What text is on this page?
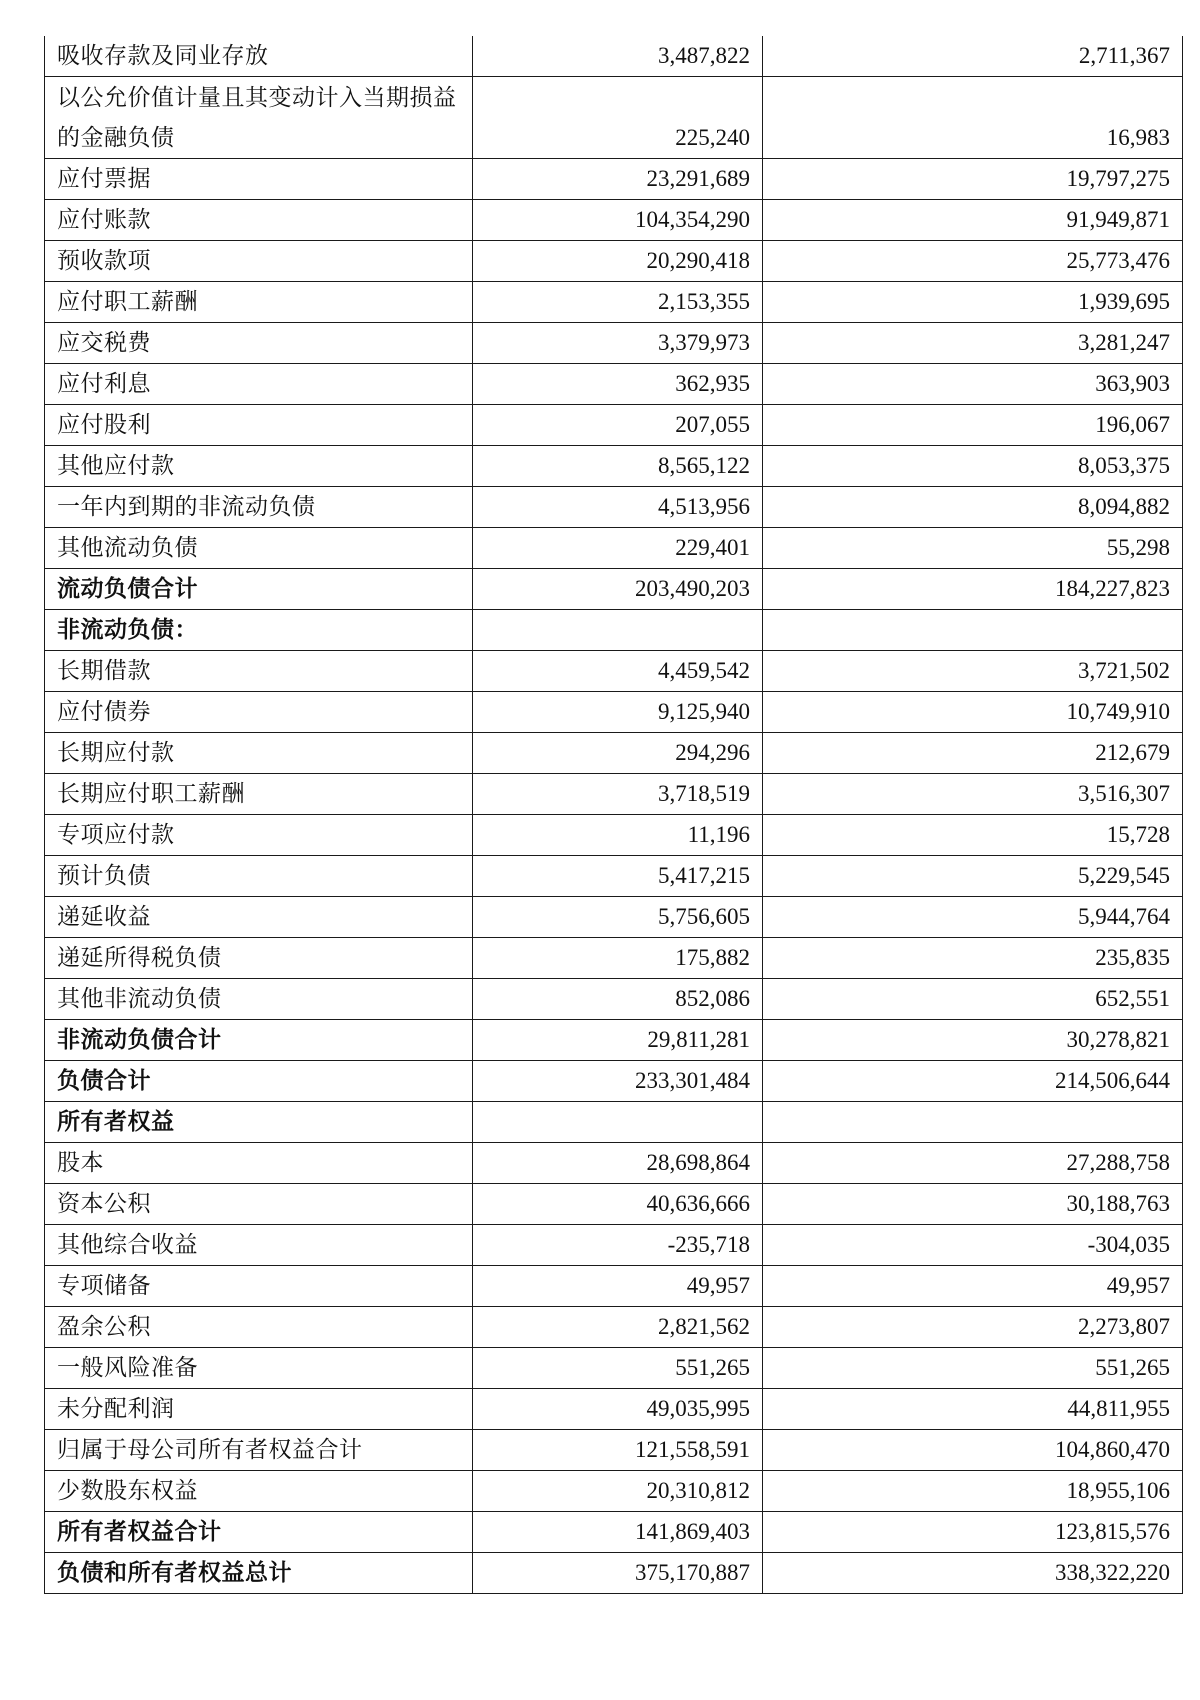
吸收存款及同业存放	3,487,822	2,711,367
以公允价值计量且其变动计入当期损益的金融负债	225,240	16,983
应付票据	23,291,689	19,797,275
应付账款	104,354,290	91,949,871
预收款项	20,290,418	25,773,476
应付职工薪酬	2,153,355	1,939,695
应交税费	3,379,973	3,281,247
应付利息	362,935	363,903
应付股利	207,055	196,067
其他应付款	8,565,122	8,053,375
一年内到期的非流动负债	4,513,956	8,094,882
其他流动负债	229,401	55,298
流动负债合计	203,490,203	184,227,823
非流动负债：		
长期借款	4,459,542	3,721,502
应付债券	9,125,940	10,749,910
长期应付款	294,296	212,679
长期应付职工薪酬	3,718,519	3,516,307
专项应付款	11,196	15,728
预计负债	5,417,215	5,229,545
递延收益	5,756,605	5,944,764
递延所得税负债	175,882	235,835
其他非流动负债	852,086	652,551
非流动负债合计	29,811,281	30,278,821
负债合计	233,301,484	214,506,644
所有者权益		
股本	28,698,864	27,288,758
资本公积	40,636,666	30,188,763
其他综合收益	-235,718	-304,035
专项储备	49,957	49,957
盈余公积	2,821,562	2,273,807
一般风险准备	551,265	551,265
未分配利润	49,035,995	44,811,955
归属于母公司所有者权益合计	121,558,591	104,860,470
少数股东权益	20,310,812	18,955,106
所有者权益合计	141,869,403	123,815,576
负债和所有者权益总计	375,170,887	338,322,220
